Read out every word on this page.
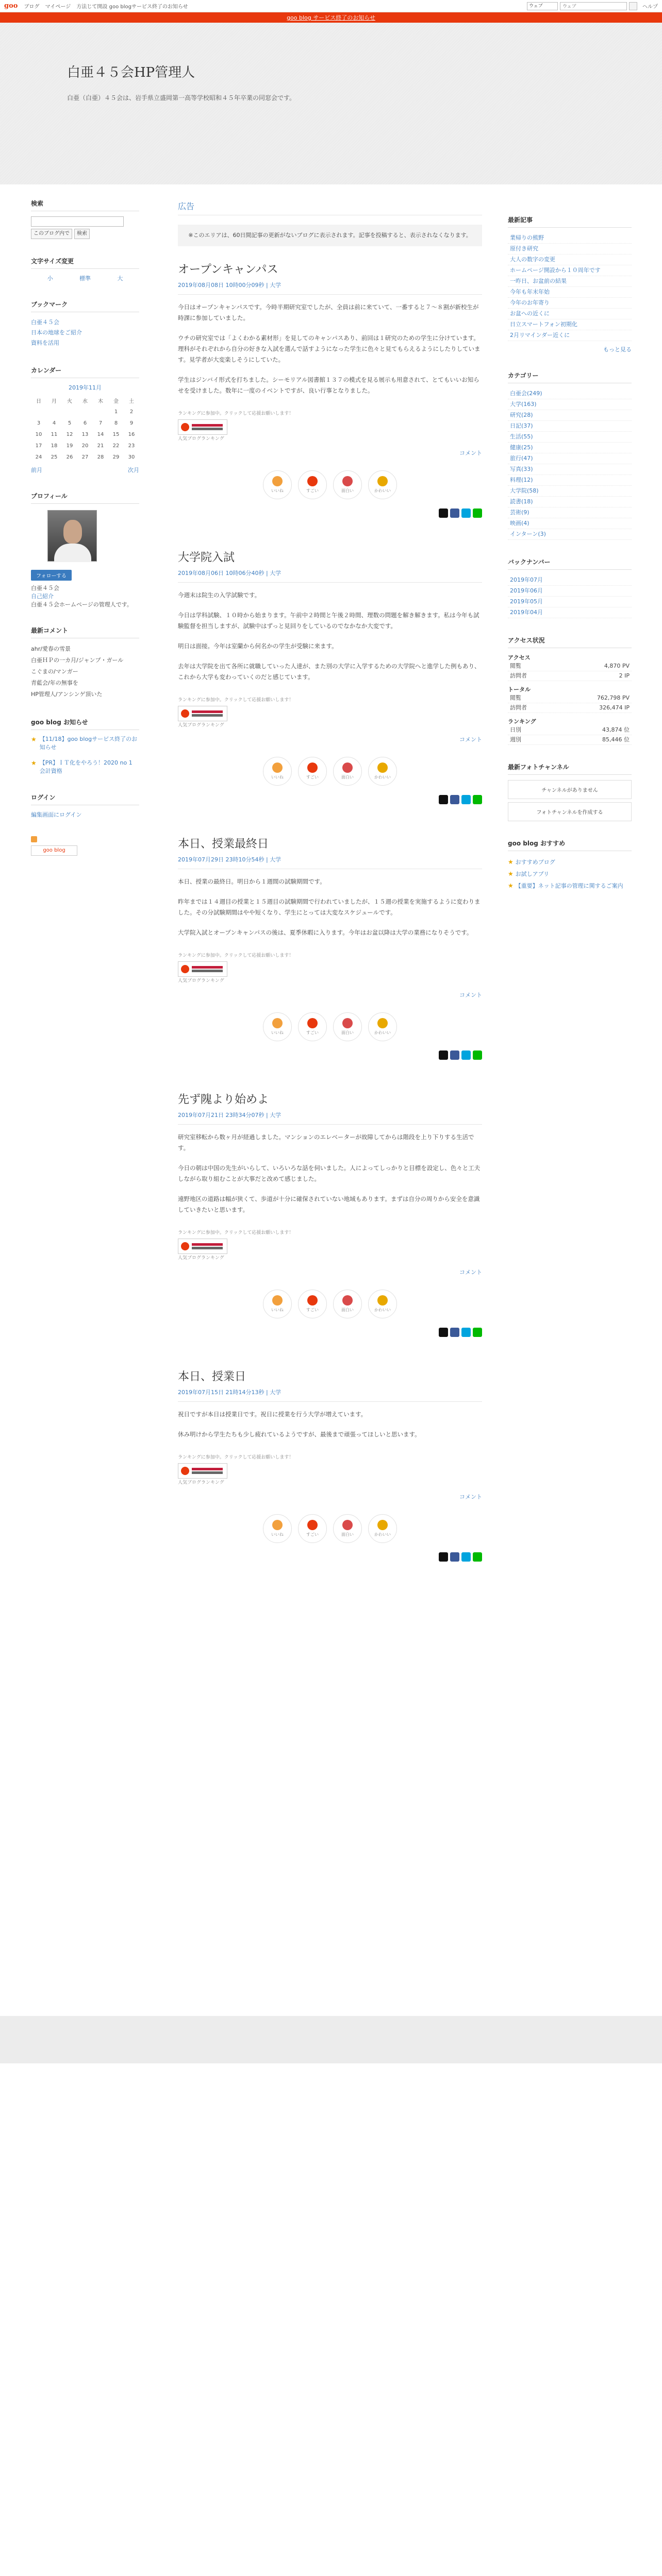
goo ブログ マイページ 方法じて開設 goo blogサービス終了のお知らせ	ウェブ
ウェブ	ヘルプ
goo blog サービス終了のお知らせ
白亜４５会HP管理人

白亜（白亜）４５会は、岩手県立盛岡第一高等学校昭和４５年卒業の同窓会です。

検索
このブログ内で	検索
文字サイズ変更
小	標準	大
ブックマーク
白亜４５会
日本の地球をご紹介
資料を活用
カレンダー
2019年11月
日	月	火	水	木	金	土
					1	2
3	4	5	6	7	8	9
10	11	12	13	14	15	16
17	18	19	20	21	22	23
24	25	26	27	28	29	30
前月	次月
プロフィール
フォローする
白亜４５会
自己紹介
白亜４５会ホームページの管理人です。
最新コメント
ahr/愛春の雪景
白亜ＨＰの一カ月/ジャンプ・ガール
こぐまの/マンガー
青藍会/年の無事を
HP管理人/アンシンゲ頂いた
goo blog お知らせ
★ 【11/18】goo blogサービス終了のお知らせ
★ 【PR】ＩＴ化をやろう！2020 no 1 会計資格
ログイン
編集画面にログイン
goo blog
広告
※このエリアは、60日間記事の更新がないブログに表示されます。記事を投稿すると、表示されなくなります。
オープンキャンパス
2019年08月08日 10時00分09秒 | 大学

今日はオープンキャンパスです。今時半期研究室でしたが、全員は前に来ていて、一番すると７～８割が新校生が時課に参加していました。

ウチの研究室では「よくわかる素材形」を見してのキャンパスあり、前回は１研究のための学生に分けています。理科がそれぞれから自分の好きな入試を選んで話すようになった学生に色々と見てもらえるようにしたりしています。見学者が大変楽しそうにしていた。

学生はジンバイ形式を打ちました。シーモリアル図書館１３７の模式を見る展示も用意されて、とてもいいお知らせを受けました。数年に一度のイベントですが、良い行事となりました。

ランキングに参加中。クリックして応援お願いします！
人気ブログランキング
コメント
いいね	すごい	面白い	かわいい
大学院入試
2019年08月06日 10時06分40秒 | 大学

今週末は院生の入学試験です。

今日は学科試験、１０時から始まります。午前中２時間と午後２時間、理数の問題を解き解きます。私は今年も試験監督を担当しますが、試験中はずっと見回りをしているのでなかなか大変です。

明日は面接。今年は室蘭から何名かの学生が受験に来ます。

去年は大学院を出て各所に就職していった人達が、また別の大学に入学するための大学院へと進学した例もあり、これから大学も変わっていくのだと感じています。

ランキングに参加中。クリックして応援お願いします！
人気ブログランキング
コメント
いいね	すごい	面白い	かわいい
本日、授業最終日
2019年07月29日 23時10分54秒 | 大学

本日、授業の最終日。明日から１週間の試験期間です。

昨年までは１４週目の授業と１５週目の試験期間で行われていましたが、１５週の授業を実施するように変わりました。その分試験期間はやや短くなり、学生にとっては大変なスケジュールです。

大学院入試とオープンキャンパスの後は、夏季休暇に入ります。今年はお盆以降は大学の業務になりそうです。

ランキングに参加中。クリックして応援お願いします！
人気ブログランキング
コメント
いいね	すごい	面白い	かわいい
先ず隗より始めよ
2019年07月21日 23時34分07秒 | 大学

研究室移転から数ヶ月が経過しました。マンションのエレベーターが故障してからは階段を上り下りする生活です。

今日の朝は中国の先生がいらして、いろいろな話を伺いました。人によってしっかりと目標を設定し、色々と工夫しながら取り組むことが大事だと改めて感じました。

遠野地区の道路は幅が狭くて、歩道が十分に確保されていない地域もあります。まずは自分の周りから安全を意識していきたいと思います。

ランキングに参加中。クリックして応援お願いします！
人気ブログランキング
コメント
いいね	すごい	面白い	かわいい
本日、授業日
2019年07月15日 21時14分13秒 | 大学

祝日ですが本日は授業日です。祝日に授業を行う大学が増えています。

休み明けから学生たちも少し疲れているようですが、最後まで頑張ってほしいと思います。

ランキングに参加中。クリックして応援お願いします！
人気ブログランキング
コメント
いいね	すごい	面白い	かわいい
最新記事
業帰りの熊野
原付き研究
大人の数字の変更
ホームページ開設から１０周年です
一昨日、お盆前の結果
今年も年末年始
今年のお年寄り
お盆への近くに
日立スマートフォン初期化
2月リマインダー近くに
もっと見る
カテゴリー
白亜会(249)
大学(163)
研究(28)
日記(37)
生活(55)
健康(25)
旅行(47)
写真(33)
料理(12)
大学院(58)
読書(18)
芸術(9)
映画(4)
インターン(3)
バックナンバー
2019年07月
2019年06月
2019年05月
2019年04月
アクセス状況
アクセス
閲覧	4,870 PV
訪問者	2 IP
トータル
閲覧	762,798 PV
訪問者	326,474 IP
ランキング
日別	43,874 位
週別	85,446 位
最新フォトチャンネル
チャンネルがありません
フォトチャンネルを作成する
goo blog おすすめ
★ おすすめブログ
★ お試しアプリ
★ 【重要】ネット記事の管理に関するご案内
